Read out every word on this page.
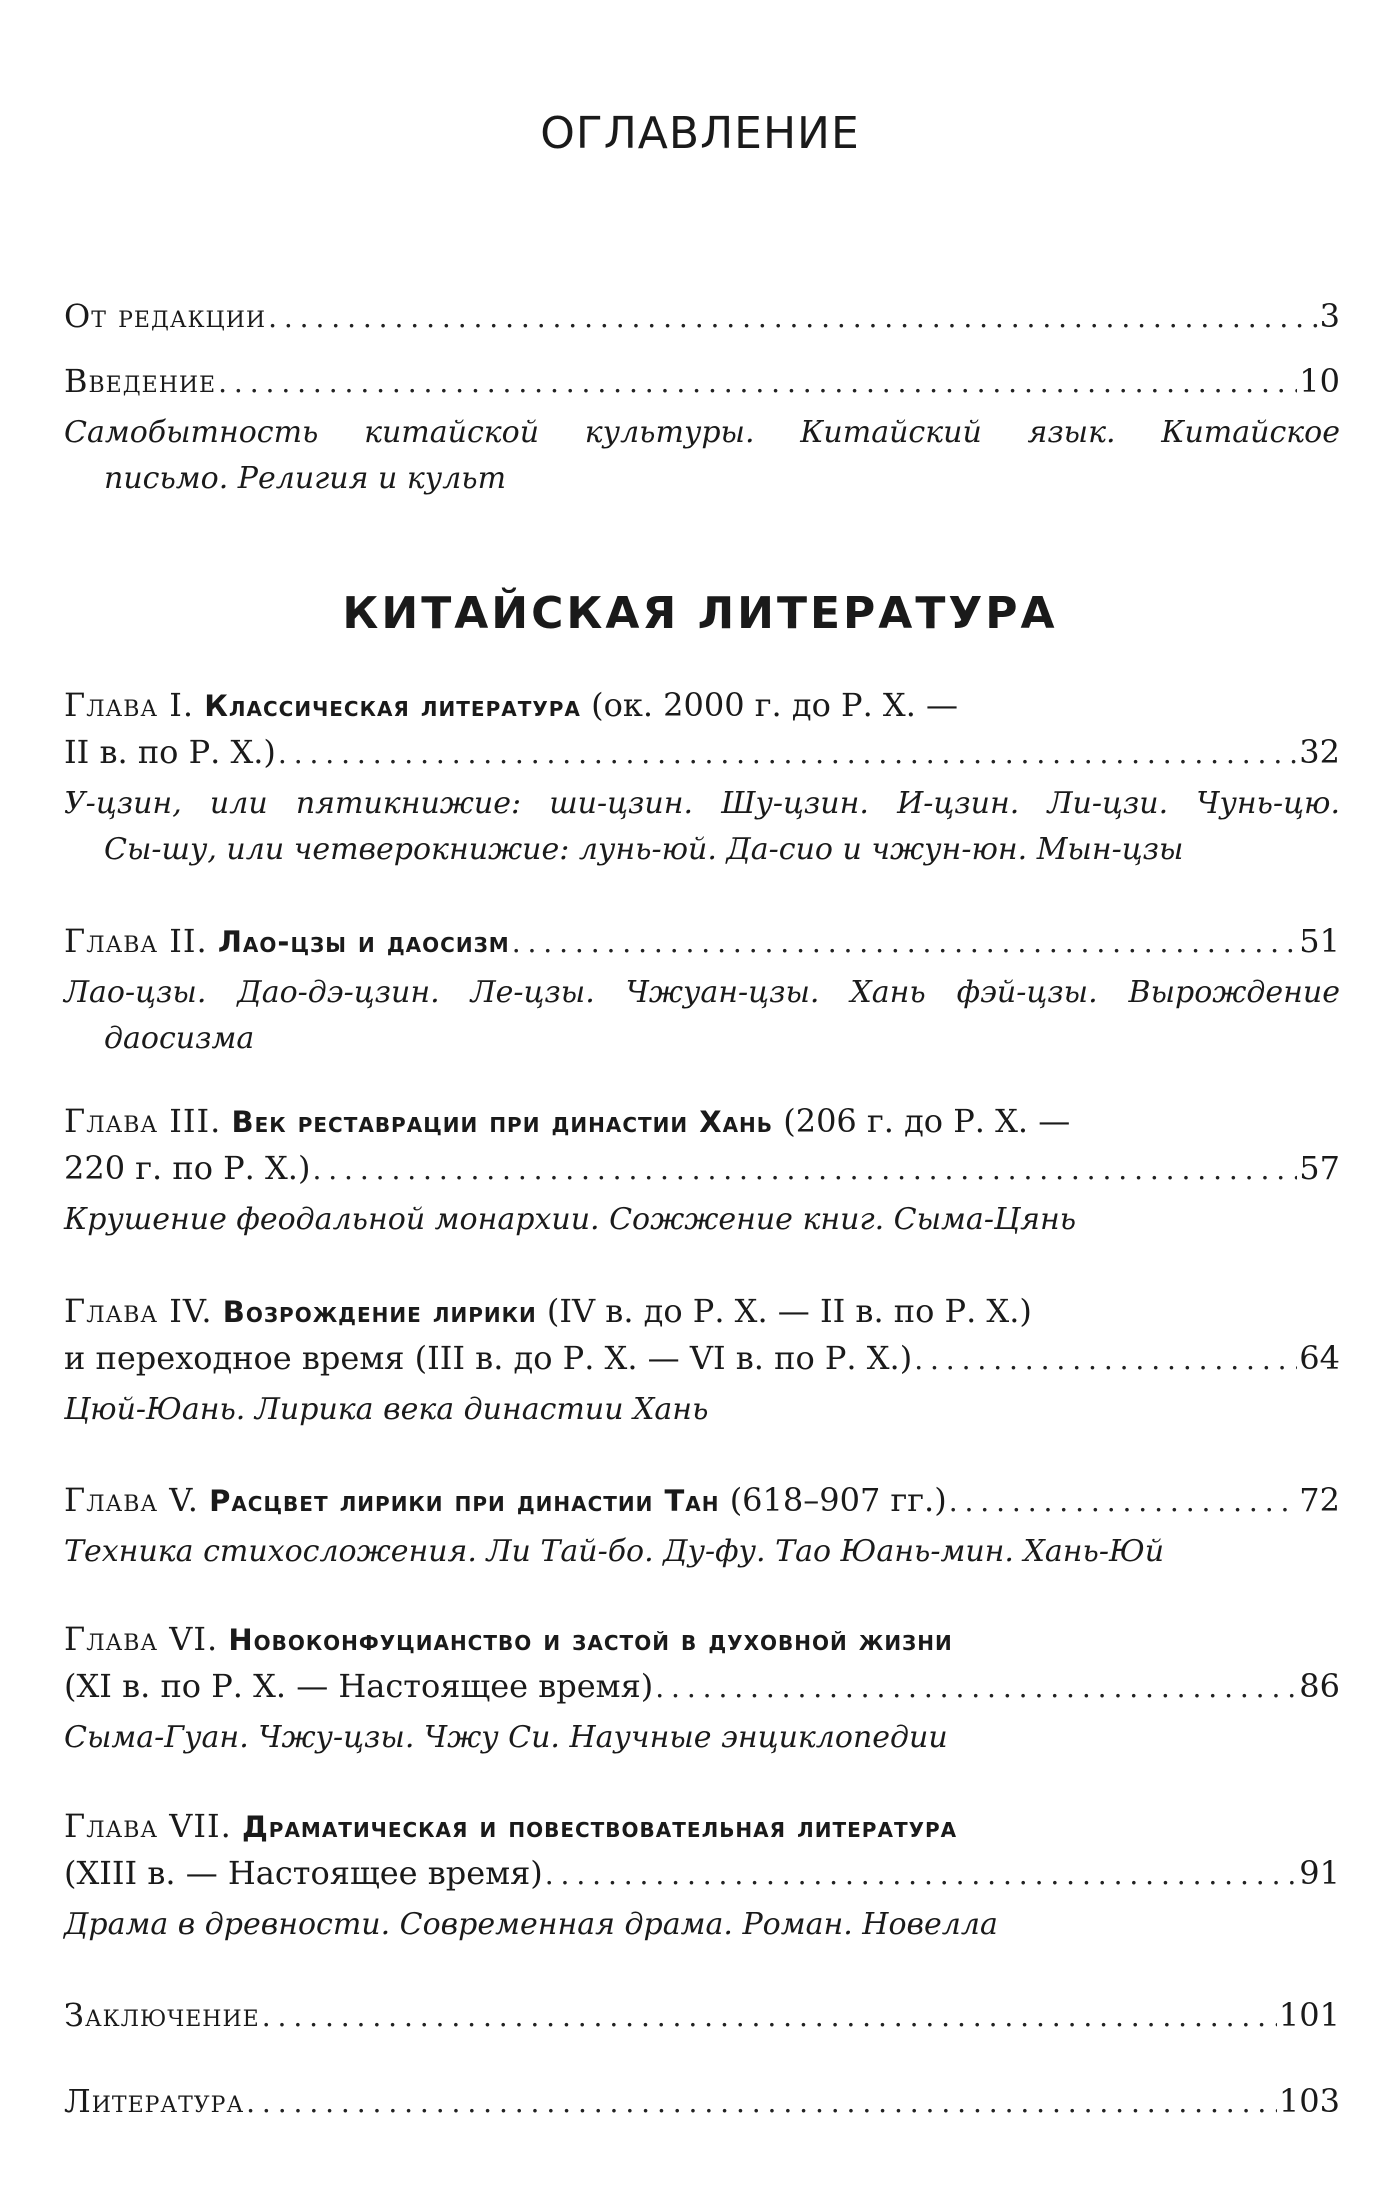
ОГЛАВЛЕНИЕ
От редакции . . .	3
Введение . . .	10
Самобытность китайской культуры. Китайский язык. Китайское
письмо. Религия и культ
КИТАЙСКАЯ ЛИТЕРАТУРА
Глава I. Классическая литература (ок. 2000 г. до Р. Х. —
II в. по Р. Х.) . . .	32
У-цзин, или пятикнижие: ши-цзин. Шу-цзин. И-цзин. Ли-цзи. Чунь-цю.
Сы-шу, или четверокнижие: лунь-юй. Да-сио и чжун-юн. Мын-цзы
Глава II. Лао-цзы и даосизм . . .	51
Лао-цзы. Дао-дэ-цзин. Ле-цзы. Чжуан-цзы. Хань фэй-цзы. Вырождение
даосизма
Глава III. Век реставрации при династии Хань (206 г. до Р. Х. —
220 г. по Р. Х.) . . .	57
Крушение феодальной монархии. Сожжение книг. Сыма-Цянь
Глава IV. Возрождение лирики (IV в. до Р. Х. — II в. по Р. Х.)
и переходное время (III в. до Р. Х. — VI в. по Р. Х.) . . .	64
Цюй-Юань. Лирика века династии Хань
Глава V. Расцвет лирики при династии Тан (618–907 гг.) . . .	72
Техника стихосложения. Ли Тай-бо. Ду-фу. Тао Юань-мин. Хань-Юй
Глава VI. Новоконфуцианство и застой в духовной жизни
(XI в. по Р. Х. — Настоящее время) . . .	86
Сыма-Гуан. Чжу-цзы. Чжу Си. Научные энциклопедии
Глава VII. Драматическая и повествовательная литература
(XIII в. — Настоящее время) . . .	91
Драма в древности. Современная драма. Роман. Новелла
Заключение . . .	101
Литература . . .	103
